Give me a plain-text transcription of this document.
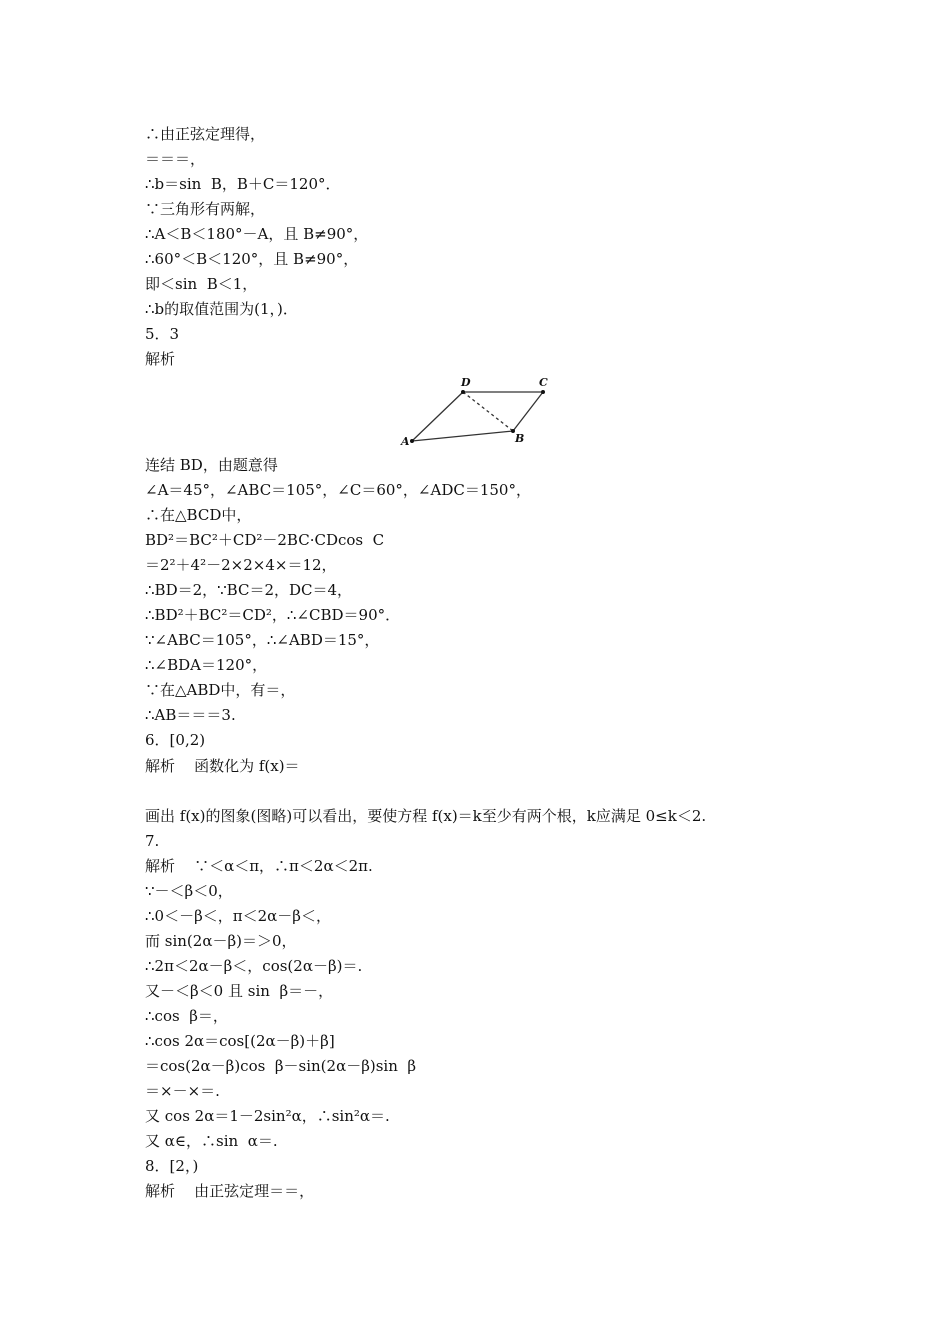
∴由正弦定理得，
＝＝＝，
∴b＝sin  B，B＋C＝120°．
∵三角形有两解，
∴A＜B＜180°－A，且 B≠90°，
∴60°＜B＜120°，且 B≠90°，
即＜sin  B＜1，
∴b的取值范围为(1，)．
5．3
解析
D	C
A	B
连结 BD，由题意得
∠A＝45°，∠ABC＝105°，∠C＝60°，∠ADC＝150°，
∴在△BCD中，
BD²＝BC²＋CD²－2BC·CDcos  C
＝2²＋4²－2×2×4×＝12，
∴BD＝2，∵BC＝2，DC＝4，
∴BD²＋BC²＝CD²，∴∠CBD＝90°．
∵∠ABC＝105°，∴∠ABD＝15°，
∴∠BDA＝120°，
∵在△ABD中，有＝，
∴AB＝＝＝3.
6．[0,2)
解析    函数化为 f(x)＝
画出 f(x)的图象(图略)可以看出，要使方程 f(x)＝k至少有两个根，k应满足 0≤k＜2.
7.
解析    ∵＜α＜π，∴π＜2α＜2π.
∵－＜β＜0，
∴0＜－β＜，π＜2α－β＜，
而 sin(2α－β)＝＞0，
∴2π＜2α－β＜，cos(2α－β)＝.
又－＜β＜0 且 sin  β＝－，
∴cos  β＝，
∴cos 2α＝cos[(2α－β)＋β]
＝cos(2α－β)cos  β－sin(2α－β)sin  β
＝×－×＝.
又 cos 2α＝1－2sin²α，∴sin²α＝.
又 α∈，∴sin  α＝.
8．[2，)
解析    由正弦定理＝＝，
